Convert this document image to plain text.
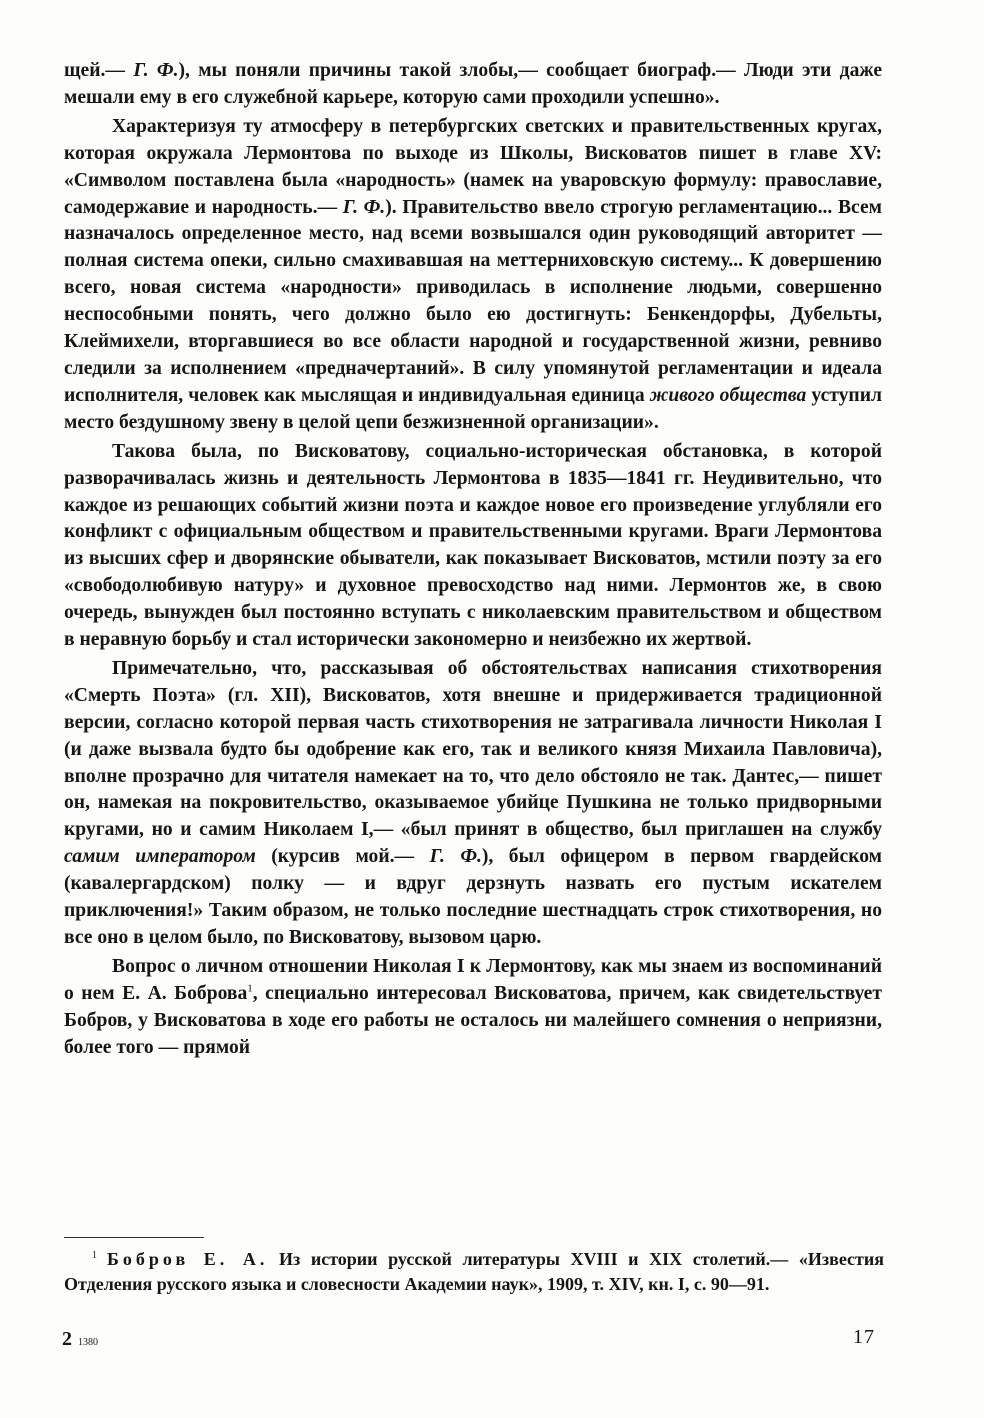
щей.— Г. Ф.), мы поняли причины такой злобы,— сообщает биограф.— Люди эти даже мешали ему в его служебной карьере, которую сами проходили успешно».

Характеризуя ту атмосферу в петербургских светских и правительственных кругах, которая окружала Лермонтова по выходе из Школы, Висковатов пишет в главе XV: «Символом поставлена была «народность» (намек на уваровскую формулу: православие, самодержавие и народность.— Г. Ф.). Правительство ввело строгую регламентацию... Всем назначалось определенное место, над всеми возвышался один руководящий авторитет — полная система опеки, сильно смахивавшая на меттерниховскую систему... К довершению всего, новая система «народности» приводилась в исполнение людьми, совершенно неспособными понять, чего должно было ею достигнуть: Бенкендорфы, Дубельты, Клеймихели, вторгавшиеся во все области народной и государственной жизни, ревниво следили за исполнением «предначертаний». В силу упомянутой регламентации и идеала исполнителя, человек как мыслящая и индивидуальная единица живого общества уступил место бездушному звену в целой цепи безжизненной организации».

Такова была, по Висковатову, социально-историческая обстановка, в которой разворачивалась жизнь и деятельность Лермонтова в 1835—1841 гг. Неудивительно, что каждое из решающих событий жизни поэта и каждое новое его произведение углубляли его конфликт с официальным обществом и правительственными кругами. Враги Лермонтова из высших сфер и дворянские обыватели, как показывает Висковатов, мстили поэту за его «свободолюбивую натуру» и духовное превосходство над ними. Лермонтов же, в свою очередь, вынужден был постоянно вступать с николаевским правительством и обществом в неравную борьбу и стал исторически закономерно и неизбежно их жертвой.

Примечательно, что, рассказывая об обстоятельствах написания стихотворения «Смерть Поэта» (гл. XII), Висковатов, хотя внешне и придерживается традиционной версии, согласно которой первая часть стихотворения не затрагивала личности Николая I (и даже вызвала будто бы одобрение как его, так и великого князя Михаила Павловича), вполне прозрачно для читателя намекает на то, что дело обстояло не так. Дантес,— пишет он, намекая на покровительство, оказываемое убийце Пушкина не только придворными кругами, но и самим Николаем I,— «был принят в общество, был приглашен на службу самим императором (курсив мой.— Г. Ф.), был офицером в первом гвардейском (кавалергардском) полку — и вдруг дерзнуть назвать его пустым искателем приключения!» Таким образом, не только последние шестнадцать строк стихотворения, но все оно в целом было, по Висковатову, вызовом царю.

Вопрос о личном отношении Николая I к Лермонтову, как мы знаем из воспоминаний о нем Е. А. Боброва$^1$, специально интересовал Висковатова, причем, как свидетельствует Бобров, у Висковатова в ходе его работы не осталось ни малейшего сомнения о неприязни, более того — прямой

$^1$ Бобров Е. А. Из истории русской литературы XVIII и XIX столетий.— «Известия Отделения русского языка и словесности Академии наук», 1909, т. XIV, кн. I, с. 90—91.
2 1380	17
